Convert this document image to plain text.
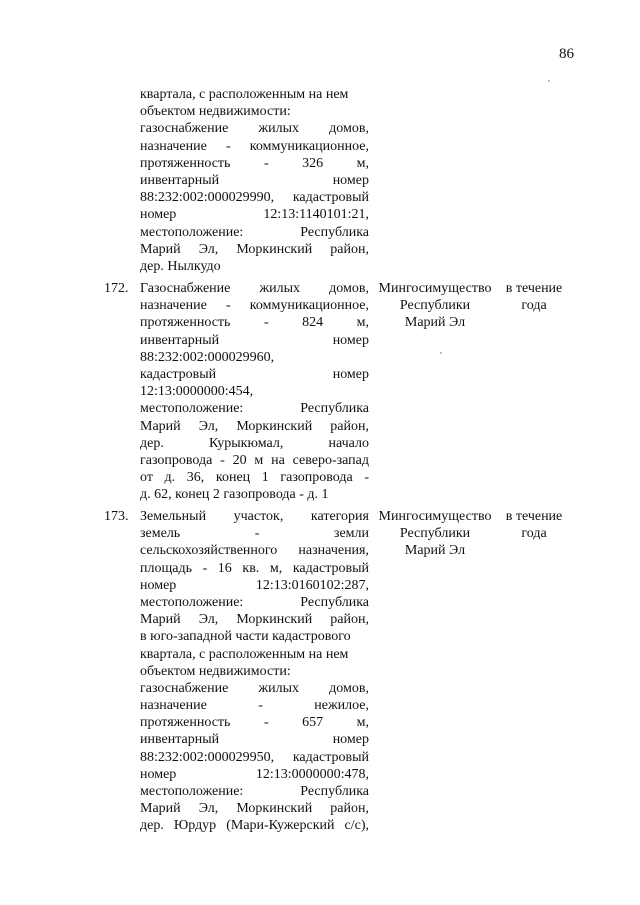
86
квартала, с расположенным на нем
объектом недвижимости:
газоснабжение жилых домов,
назначение - коммуникационное,
протяженность - 326 м,
инвентарный номер
88:232:002:000029990, кадастровый
номер 12:13:1140101:21,
местоположение: Республика
Марий Эл, Моркинский район,
дер. Нылкудо
172. Газоснабжение жилых домов,
назначение - коммуникационное,
протяженность - 824 м,
инвентарный номер
88:232:002:000029960,
кадастровый номер
12:13:0000000:454,
местоположение: Республика
Марий Эл, Моркинский район,
дер. Курыкюмал, начало
газопровода - 20 м на северо-запад
от д. 36, конец 1 газопровода -
д. 62, конец 2 газопровода - д. 1
Мингосимущество
Республики
Марий Эл
в течение
года
173. Земельный участок, категория
земель - земли
сельскохозяйственного назначения,
площадь - 16 кв. м, кадастровый
номер 12:13:0160102:287,
местоположение: Республика
Марий Эл, Моркинский район,
в юго-западной части кадастрового
квартала, с расположенным на нем
объектом недвижимости:
газоснабжение жилых домов,
назначение - нежилое,
протяженность - 657 м,
инвентарный номер
88:232:002:000029950, кадастровый
номер 12:13:0000000:478,
местоположение: Республика
Марий Эл, Моркинский район,
дер. Юрдур (Мари-Кужерский с/с),
Мингосимущество
Республики
Марий Эл
в течение
года
